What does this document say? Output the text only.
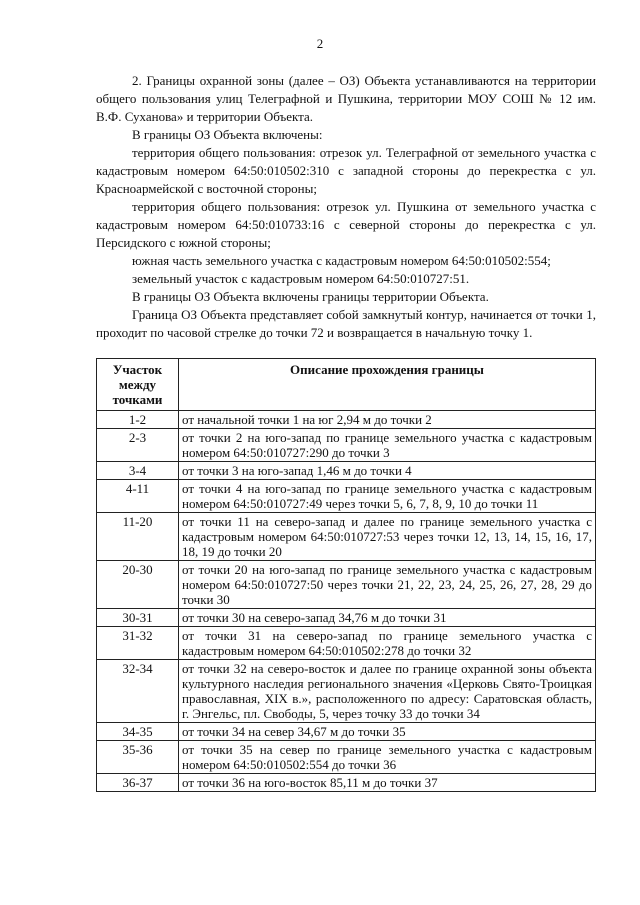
2

2. Границы охранной зоны (далее – ОЗ) Объекта устанавливаются на территории общего пользования улиц Телеграфной и Пушкина, территории МОУ СОШ № 12 им. В.Ф. Суханова» и территории Объекта.

В границы ОЗ Объекта включены:

территория общего пользования: отрезок ул. Телеграфной от земельного участка с кадастровым номером 64:50:010502:310 с западной стороны до перекрестка с ул. Красноармейской с восточной стороны;

территория общего пользования: отрезок ул. Пушкина от земельного участка с кадастровым номером 64:50:010733:16 с северной стороны до перекрестка с ул. Персидского с южной стороны;

южная часть земельного участка с кадастровым номером 64:50:010502:554;

земельный участок с кадастровым номером 64:50:010727:51.

В границы ОЗ Объекта включены границы территории Объекта.

Граница ОЗ Объекта представляет собой замкнутый контур, начинается от точки 1, проходит по часовой стрелке до точки 72 и возвращается в начальную точку 1.

Участок между точками	Описание прохождения границы
1-2	от начальной точки 1 на юг 2,94 м до точки 2
2-3	от точки 2 на юго-запад по границе земельного участка с кадастровым номером 64:50:010727:290 до точки 3
3-4	от точки 3 на юго-запад 1,46 м до точки 4
4-11	от точки 4 на юго-запад по границе земельного участка с кадастровым номером 64:50:010727:49 через точки 5, 6, 7, 8, 9, 10 до точки 11
11-20	от точки 11 на северо-запад и далее по границе земельного участка с кадастровым номером 64:50:010727:53 через точки 12, 13, 14, 15, 16, 17, 18, 19 до точки 20
20-30	от точки 20 на юго-запад по границе земельного участка с кадастровым номером 64:50:010727:50 через точки 21, 22, 23, 24, 25, 26, 27, 28, 29 до точки 30
30-31	от точки 30 на северо-запад 34,76 м до точки 31
31-32	от точки 31 на северо-запад по границе земельного участка с кадастровым номером 64:50:010502:278 до точки 32
32-34	от точки 32 на северо-восток и далее по границе охранной зоны объекта культурного наследия регионального значения «Церковь Свято-Троицкая православная, XIX в.», расположенного по адресу: Саратовская область, г. Энгельс, пл. Свободы, 5, через точку 33 до точки 34
34-35	от точки 34 на север 34,67 м до точки 35
35-36	от точки 35 на север по границе земельного участка с кадастровым номером 64:50:010502:554 до точки 36
36-37	от точки 36 на юго-восток 85,11 м до точки 37
